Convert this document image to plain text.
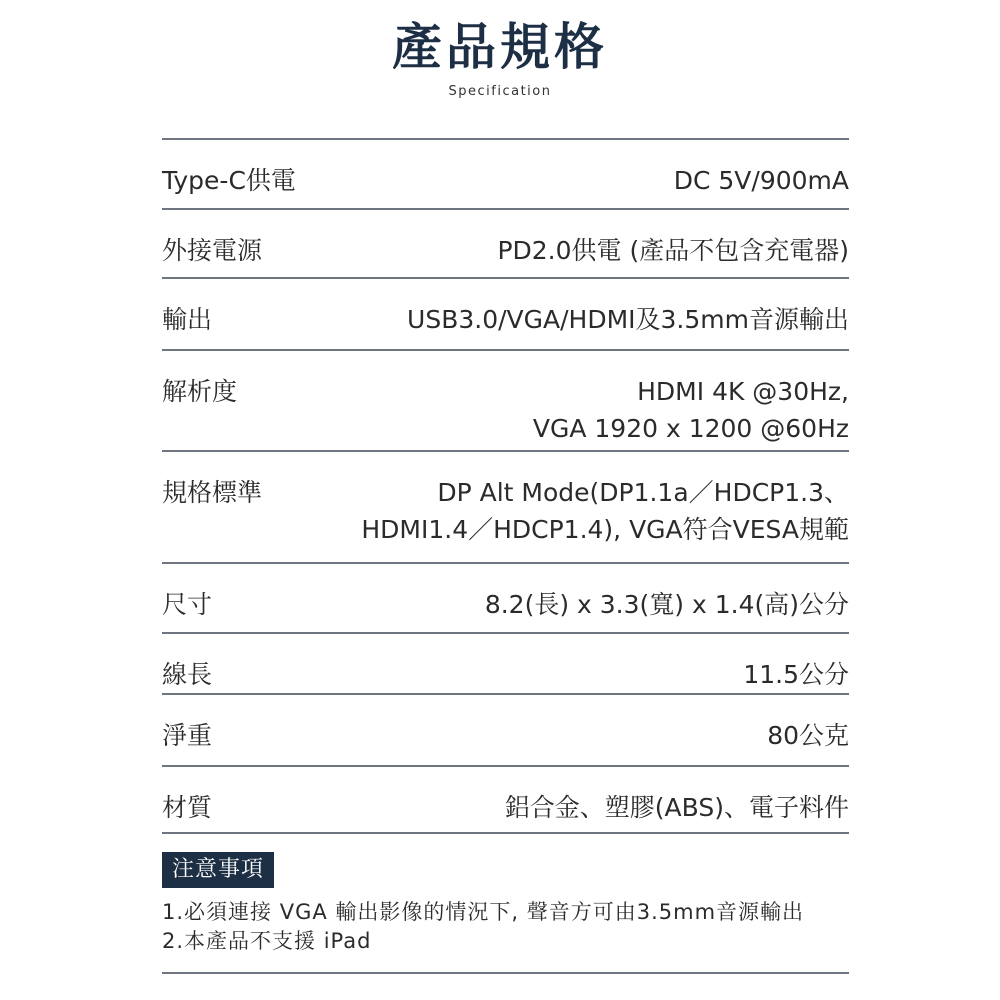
產品規格
Specification
Type-C供電	DC 5V/900mA
外接電源	PD2.0供電 (產品不包含充電器)
輸出	USB3.0/VGA/HDMI及3.5mm音源輸出
解析度	HDMI 4K @30Hz,
VGA 1920 x 1200 @60Hz
規格標準	DP Alt Mode(DP1.1a／HDCP1.3、
HDMI1.4／HDCP1.4), VGA符合VESA規範
尺寸	8.2(長) x 3.3(寬) x 1.4(高)公分
線長	11.5公分
淨重	80公克
材質	鋁合金、塑膠(ABS)、電子料件
注意事項
1.必須連接 VGA 輸出影像的情況下, 聲音方可由3.5mm音源輸出
2.本產品不支援 iPad
